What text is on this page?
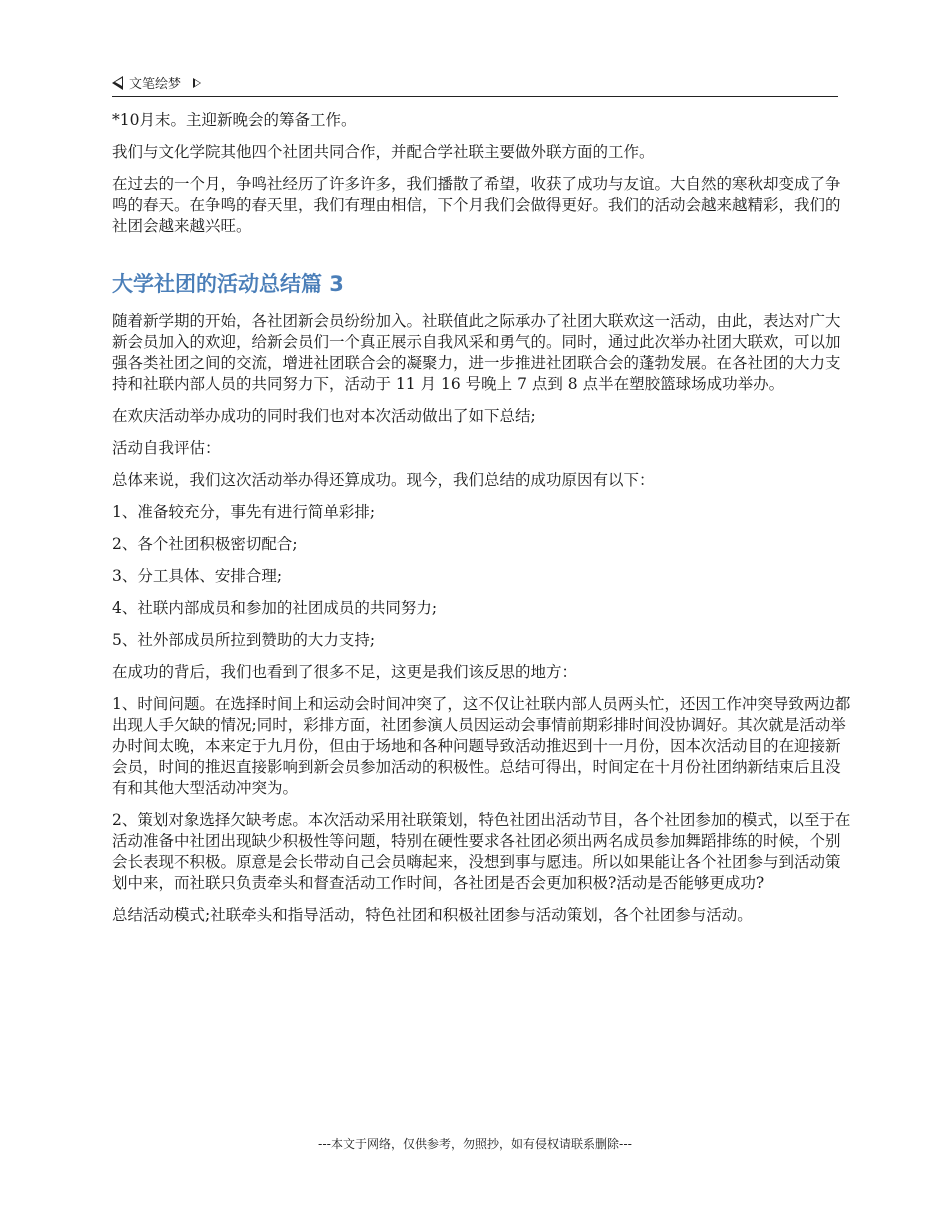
文笔绘梦

*10月末。主迎新晚会的筹备工作。

我们与文化学院其他四个社团共同合作，并配合学社联主要做外联方面的工作。

在过去的一个月，争鸣社经历了许多许多，我们播散了希望，收获了成功与友谊。大自然的寒秋却变成了争鸣的春天。在争鸣的春天里，我们有理由相信，下个月我们会做得更好。我们的活动会越来越精彩，我们的社团会越来越兴旺。

大学社团的活动总结篇 3

随着新学期的开始，各社团新会员纷纷加入。社联值此之际承办了社团大联欢这一活动，由此，表达对广大新会员加入的欢迎，给新会员们一个真正展示自我风采和勇气的。同时，通过此次举办社团大联欢，可以加强各类社团之间的交流，增进社团联合会的凝聚力，进一步推进社团联合会的蓬勃发展。在各社团的大力支持和社联内部人员的共同努力下，活动于 11 月 16 号晚上 7 点到 8 点半在塑胶篮球场成功举办。

在欢庆活动举办成功的同时我们也对本次活动做出了如下总结;

活动自我评估：

总体来说，我们这次活动举办得还算成功。现今，我们总结的成功原因有以下：

1、准备较充分，事先有进行简单彩排;

2、各个社团积极密切配合;

3、分工具体、安排合理;

4、社联内部成员和参加的社团成员的共同努力;

5、社外部成员所拉到赞助的大力支持;

在成功的背后，我们也看到了很多不足，这更是我们该反思的地方：

1、时间问题。在选择时间上和运动会时间冲突了，这不仅让社联内部人员两头忙，还因工作冲突导致两边都出现人手欠缺的情况;同时，彩排方面，社团参演人员因运动会事情前期彩排时间没协调好。其次就是活动举办时间太晚，本来定于九月份，但由于场地和各种问题导致活动推迟到十一月份，因本次活动目的在迎接新会员，时间的推迟直接影响到新会员参加活动的积极性。总结可得出，时间定在十月份社团纳新结束后且没有和其他大型活动冲突为。

2、策划对象选择欠缺考虑。本次活动采用社联策划，特色社团出活动节目，各个社团参加的模式，以至于在活动准备中社团出现缺少积极性等问题，特别在硬性要求各社团必须出两名成员参加舞蹈排练的时候，个别会长表现不积极。原意是会长带动自己会员嗨起来，没想到事与愿违。所以如果能让各个社团参与到活动策划中来，而社联只负责牵头和督查活动工作时间，各社团是否会更加积极?活动是否能够更成功?

总结活动模式;社联牵头和指导活动，特色社团和积极社团参与活动策划，各个社团参与活动。

---本文于网络，仅供参考，勿照抄，如有侵权请联系删除---
